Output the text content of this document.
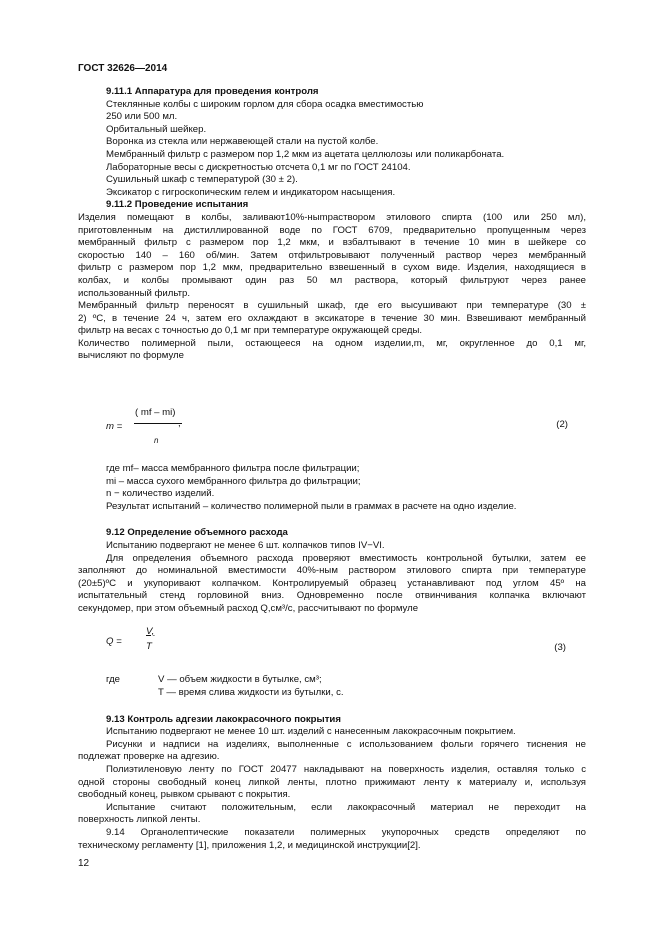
ГОСТ 32626—2014
9.11.1 Аппаратура для проведения контроля
Стеклянные колбы с широким горлом для сбора осадка вместимостью
250 или 500 мл.
Орбитальный шейкер.
Воронка из стекла или нержавеющей стали на пустой колбе.
Мембранный фильтр с размером пор 1,2 мкм из ацетата целлюлозы или поликарбоната.
Лабораторные весы с дискретностью отсчета 0,1 мг по ГОСТ 24104.
Сушильный шкаф с температурой (30 ± 2).
Эксикатор с гигроскопическим гелем и индикатором насыщения.
9.11.2 Проведение испытания
Изделия помещают в колбы, заливают10%-ныmраствором этилового спирта (100 или 250 мл),
приготовленным на дистиллированной воде по ГОСТ 6709, предварительно пропущенным через
мембранный фильтр с размером пор 1,2 мкм, и взбалтывают в течение 10 мин в шейкере со
скоростью 140 – 160 об/мин. Затем отфильтровывают полученный раствор через мембранный
фильтр с размером пор 1,2 мкм, предварительно взвешенный в сухом виде. Изделия, находящиеся в
колбах, и колбы промывают один раз 50 мл раствора, который фильтруют через ранее
использованный фильтр.
Мембранный фильтр переносят в сушильный шкаф, где его высушивают при температуре (30 ±
2) ºС, в течение 24 ч, затем его охлаждают в эксикаторе в течение 30 мин. Взвешивают мембранный
фильтр на весах с точностью до 0,1 мг при температуре окружающей среды.
Количество полимерной пыли, остающееся на одном изделии,m, мг, округленное до 0,1 мг,
вычисляют по формуле
m =
( mf – mi)
,
n
(2)
где mf– масса мембранного фильтра после фильтрации;
mi – масса сухого мембранного фильтра до фильтрации;
n − количество изделий.
Результат испытаний – количество полимерной пыли в граммах в расчете на одно изделие.
9.12 Определение объемного расхода
Испытанию подвергают не менее 6 шт. колпачков типов IV−VI.
Для определения объемного расхода проверяют вместимость контрольной бутылки, затем ее
заполняют до номинальной вместимости 40%-ным раствором этилового спирта при температуре
(20±5)ºС и укупоривают колпачком. Контролируемый образец устанавливают под углом 45º на
испытательный стенд горловиной вниз. Одновременно после отвинчивания колпачка включают
секундомер, при этом объемный расход Q,см³/с, рассчитывают по формуле
Q =
V,
T	(3)
где	V — объем жидкости в бутылке, см³;
T — время слива жидкости из бутылки, с.
9.13 Контроль адгезии лакокрасочного покрытия
Испытанию подвергают не менее 10 шт. изделий с нанесенным лакокрасочным покрытием.
Рисунки и надписи на изделиях, выполненные с использованием фольги горячего тиснения не
подлежат проверке на адгезию.
Полиэтиленовую ленту по ГОСТ 20477 накладывают на поверхность изделия, оставляя только с
одной стороны свободный конец липкой ленты, плотно прижимают ленту к материалу и, используя
свободный конец, рывком срывают с покрытия.
Испытание считают положительным, если лакокрасочный материал не переходит на
поверхность липкой ленты.
9.14 Органолептические показатели полимерных укупорочных средств определяют по
техническому регламенту [1], приложения 1,2, и медицинской инструкции[2].
12
